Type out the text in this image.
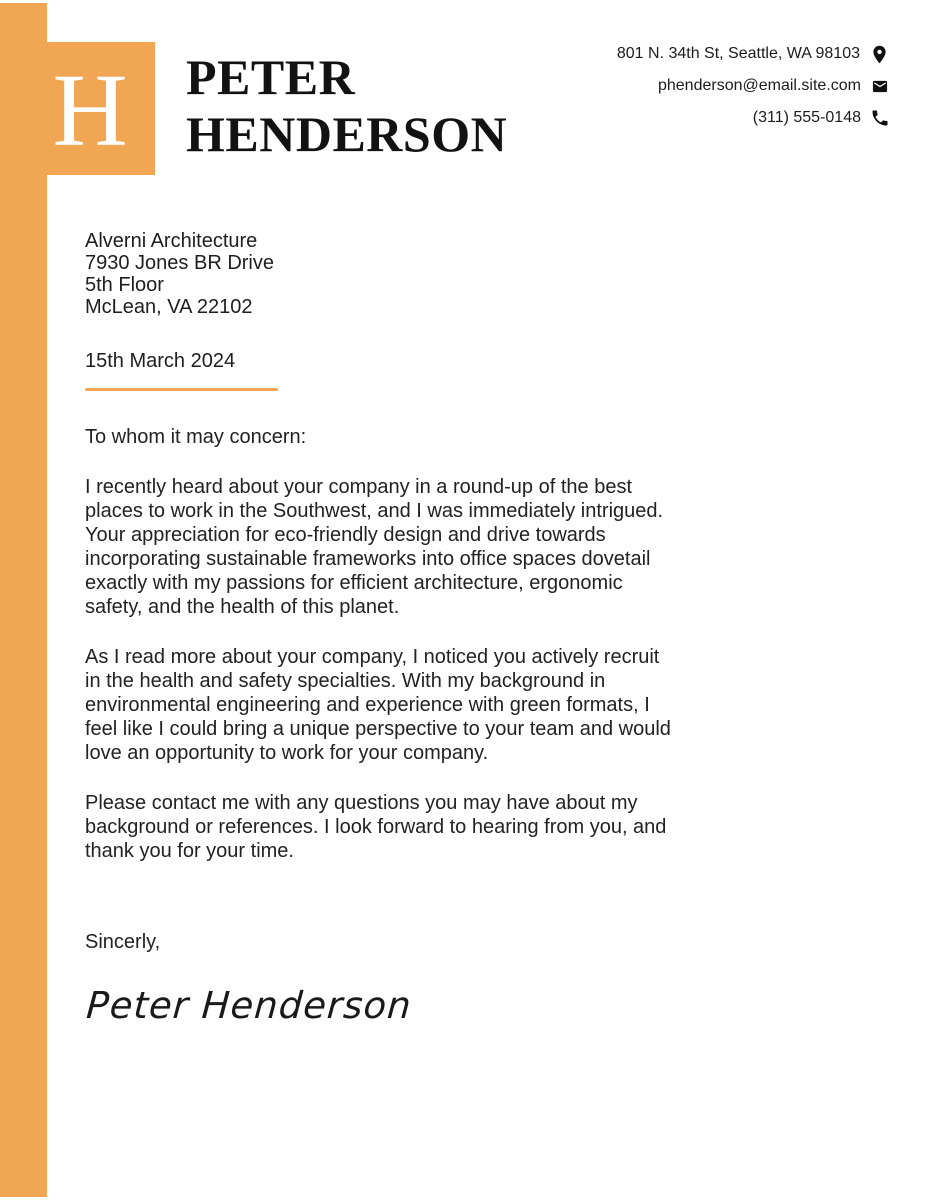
H	PETER
HENDERSON
801 N. 34th St, Seattle, WA 98103
phenderson@email.site.com
(311) 555-0148
Alverni Architecture
7930 Jones BR Drive
5th Floor
McLean, VA 22102
15th March 2024

To whom it may concern:

I recently heard about your company in a round-up of the best places to work in the Southwest, and I was immediately intrigued. Your appreciation for eco-friendly design and drive towards incorporating sustainable frameworks into office spaces dovetail exactly with my passions for efficient architecture, ergonomic safety, and the health of this planet.

As I read more about your company, I noticed you actively recruit in the health and safety specialties. With my background in environmental engineering and experience with green formats, I feel like I could bring a unique perspective to your team and would love an opportunity to work for your company.

Please contact me with any questions you may have about my background or references. I look forward to hearing from you, and thank you for your time.

Sincerly,
Peter Henderson
